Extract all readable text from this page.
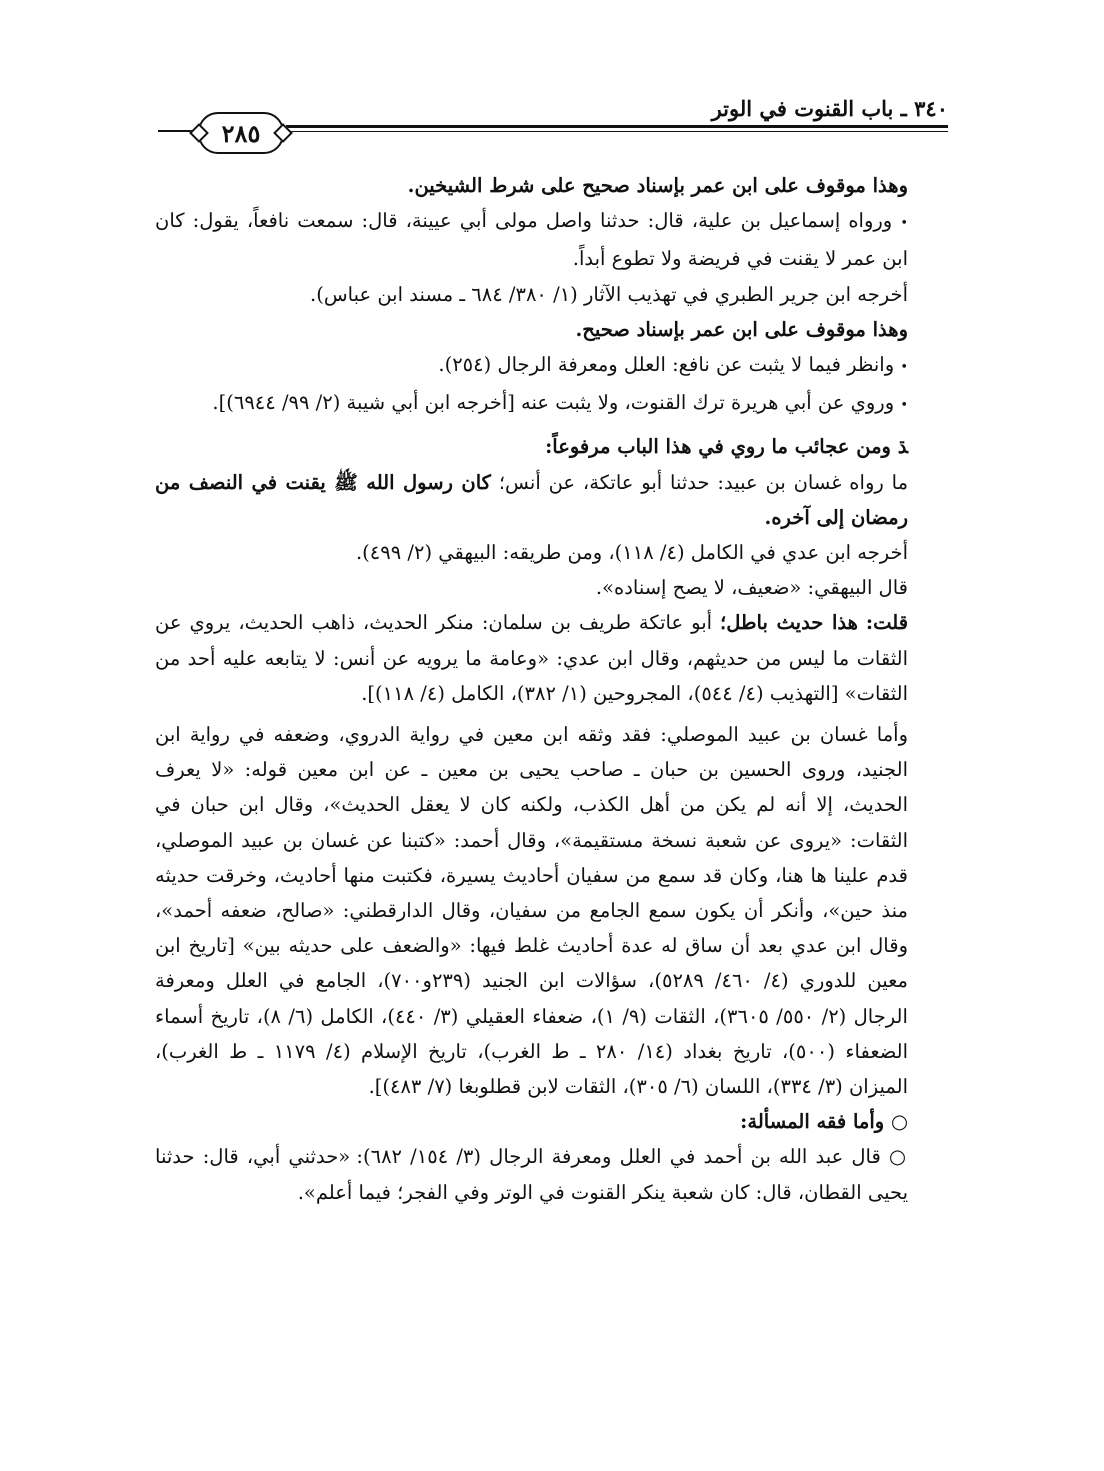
٣٤٠ ـ باب القنوت في الوتر
٢٨٥

وهذا موقوف على ابن عمر بإسناد صحيح على شرط الشيخين.

• ورواه إسماعيل بن علية، قال: حدثنا واصل مولى أبي عيينة، قال: سمعت نافعاً، يقول: كان ابن عمر لا يقنت في فريضة ولا تطوع أبداً.

أخرجه ابن جرير الطبري في تهذيب الآثار (١/ ٣٨٠/ ٦٨٤ ـ مسند ابن عباس).

وهذا موقوف على ابن عمر بإسناد صحيح.

• وانظر فيما لا يثبت عن نافع: العلل ومعرفة الرجال (٢٥٤).

• وروي عن أبي هريرة ترك القنوت، ولا يثبت عنه [أخرجه ابن أبي شيبة (٢/ ٩٩/ ٦٩٤٤)].

ﮅ ومن عجائب ما روي في هذا الباب مرفوعاً:

ما رواه غسان بن عبيد: حدثنا أبو عاتكة، عن أنس؛ كان رسول الله ﷺ يقنت في النصف من رمضان إلى آخره.

أخرجه ابن عدي في الكامل (٤/ ١١٨)، ومن طريقه: البيهقي (٢/ ٤٩٩).

قال البيهقي: «ضعيف، لا يصح إسناده».

قلت: هذا حديث باطل؛ أبو عاتكة طريف بن سلمان: منكر الحديث، ذاهب الحديث، يروي عن الثقات ما ليس من حديثهم، وقال ابن عدي: «وعامة ما يرويه عن أنس: لا يتابعه عليه أحد من الثقات» [التهذيب (٤/ ٥٤٤)، المجروحين (١/ ٣٨٢)، الكامل (٤/ ١١٨)].

وأما غسان بن عبيد الموصلي: فقد وثقه ابن معين في رواية الدروي، وضعفه في رواية ابن الجنيد، وروى الحسين بن حبان ـ صاحب يحيى بن معين ـ عن ابن معين قوله: «لا يعرف الحديث، إلا أنه لم يكن من أهل الكذب، ولكنه كان لا يعقل الحديث»، وقال ابن حبان في الثقات: «يروى عن شعبة نسخة مستقيمة»، وقال أحمد: «كتبنا عن غسان بن عبيد الموصلي، قدم علينا ها هنا، وكان قد سمع من سفيان أحاديث يسيرة، فكتبت منها أحاديث، وخرقت حديثه منذ حين»، وأنكر أن يكون سمع الجامع من سفيان، وقال الدارقطني: «صالح، ضعفه أحمد»، وقال ابن عدي بعد أن ساق له عدة أحاديث غلط فيها: «والضعف على حديثه بين» [تاريخ ابن معين للدوري (٤/ ٤٦٠/ ٥٢٨٩)، سؤالات ابن الجنيد (٢٣٩و٧٠٠)، الجامع في العلل ومعرفة الرجال (٢/ ٥٥٠/ ٣٦٠٥)، الثقات (٩/ ١)، ضعفاء العقيلي (٣/ ٤٤٠)، الكامل (٦/ ٨)، تاريخ أسماء الضعفاء (٥٠٠)، تاريخ بغداد (١٤/ ٢٨٠ ـ ط الغرب)، تاريخ الإسلام (٤/ ١١٧٩ ـ ط الغرب)، الميزان (٣/ ٣٣٤)، اللسان (٦/ ٣٠٥)، الثقات لابن قطلوبغا (٧/ ٤٨٣)].

○ وأما فقه المسألة:

○ قال عبد الله بن أحمد في العلل ومعرفة الرجال (٣/ ١٥٤/ ٦٨٢): «حدثني أبي، قال: حدثنا يحيى القطان، قال: كان شعبة ينكر القنوت في الوتر وفي الفجر؛ فيما أعلم».
